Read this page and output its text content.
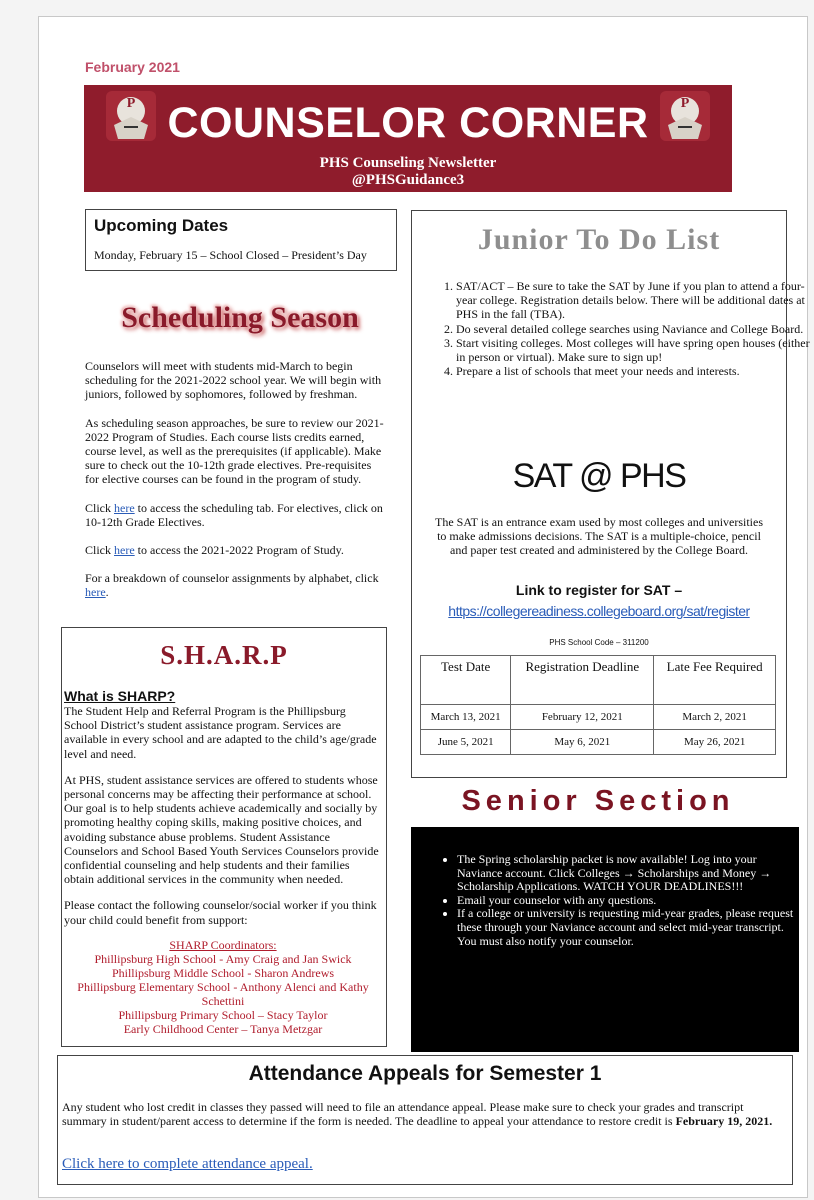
February 2021
P	P
COUNSELOR CORNER
PHS Counseling Newsletter
@PHSGuidance3
Upcoming Dates
Monday, February 15 – School Closed – President’s Day
Scheduling Season

Counselors will meet with students mid-March to begin scheduling for the 2021-2022 school year. We will begin with juniors, followed by sophomores, followed by freshman.

As scheduling season approaches, be sure to review our 2021-2022 Program of Studies. Each course lists credits earned, course level, as well as the prerequisites (if applicable). Make sure to check out the 10-12th grade electives. Pre-requisites for elective courses can be found in the program of study.

Click here to access the scheduling tab. For electives, click on 10-12th Grade Electives.

Click here to access the 2021-2022 Program of Study.

For a breakdown of counselor assignments by alphabet, click here.

S.H.A.R.P
What is SHARP?

The Student Help and Referral Program is the Phillipsburg School District’s student assistance program. Services are available in every school and are adapted to the child’s age/grade level and need.

At PHS, student assistance services are offered to students whose personal concerns may be affecting their performance at school. Our goal is to help students achieve academically and socially by promoting healthy coping skills, making positive choices, and avoiding substance abuse problems. Student Assistance Counselors and School Based Youth Services Counselors provide confidential counseling and help students and their families obtain additional services in the community when needed.

Please contact the following counselor/social worker if you think your child could benefit from support:

SHARP Coordinators:
Phillipsburg High School - Amy Craig and Jan Swick
Phillipsburg Middle School - Sharon Andrews
Phillipsburg Elementary School - Anthony Alenci and Kathy Schettini
Phillipsburg Primary School – Stacy Taylor
Early Childhood Center – Tanya Metzgar
Junior To Do List
1. SAT/ACT – Be sure to take the SAT by June if you plan to attend a four-year college. Registration details below. There will be additional dates at PHS in the fall (TBA).
2. Do several detailed college searches using Naviance and College Board.
3. Start visiting colleges. Most colleges will have spring open houses (either in person or virtual). Make sure to sign up!
4. Prepare a list of schools that meet your needs and interests.
SAT @ PHS
The SAT is an entrance exam used by most colleges and universities to make admissions decisions. The SAT is a multiple-choice, pencil and paper test created and administered by the College Board.
Link to register for SAT –
https://collegereadiness.collegeboard.org/sat/register
PHS School Code – 311200
Test Date	Registration Deadline	Late Fee Required
March 13, 2021	February 12, 2021	March 2, 2021
June 5, 2021	May 6, 2021	May 26, 2021
Senior Section
• The Spring scholarship packet is now available! Log into your Naviance account. Click Colleges → Scholarships and Money → Scholarship Applications. WATCH YOUR DEADLINES!!!
• Email your counselor with any questions.
• If a college or university is requesting mid-year grades, please request these through your Naviance account and select mid-year transcript. You must also notify your counselor.
Attendance Appeals for Semester 1
Any student who lost credit in classes they passed will need to file an attendance appeal. Please make sure to check your grades and transcript summary in student/parent access to determine if the form is needed. The deadline to appeal your attendance to restore credit is February 19, 2021.
Click here to complete attendance appeal.
